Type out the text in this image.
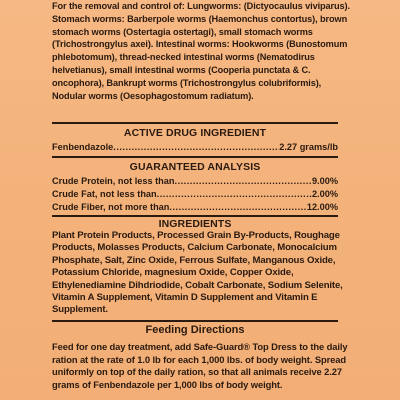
For the removal and control of: Lungworms: (Dictyocaulus viviparus). Stomach worms: Barberpole worms (Haemonchus contortus), brown stomach worms (Ostertagia ostertagi), small stomach worms (Trichostrongylus axei). Intestinal worms: Hookworms (Bunostomum phlebotomum), thread-necked intestinal worms (Nematodirus helvetianus), small intestinal worms (Cooperia punctata & C. oncophora), Bankrupt worms (Trichostrongylus colubriformis), Nodular worms (Oesophagostomum radiatum).
ACTIVE DRUG INGREDIENT
Fenbendazole .....	2.27 grams/lb
GUARANTEED ANALYSIS
Crude Protein, not less than .....	9.00%
Crude Fat, not less than .....	2.00%
Crude Fiber, not more than .....	12.00%
INGREDIENTS
Plant Protein Products, Processed Grain By-Products, Roughage Products, Molasses Products, Calcium Carbonate, Monocalcium Phosphate, Salt, Zinc Oxide, Ferrous Sulfate, Manganous Oxide, Potassium Chloride, magnesium Oxide, Copper Oxide, Ethylenediamine Dihdriodide, Cobalt Carbonate, Sodium Selenite, Vitamin A Supplement, Vitamin D Supplement and Vitamin E Supplement.
Feeding Directions
Feed for one day treatment, add Safe-Guard® Top Dress to the daily ration at the rate of 1.0 lb for each 1,000 lbs. of body weight. Spread uniformly on top of the daily ration, so that all animals receive 2.27 grams of Fenbendazole per 1,000 lbs of body weight.
